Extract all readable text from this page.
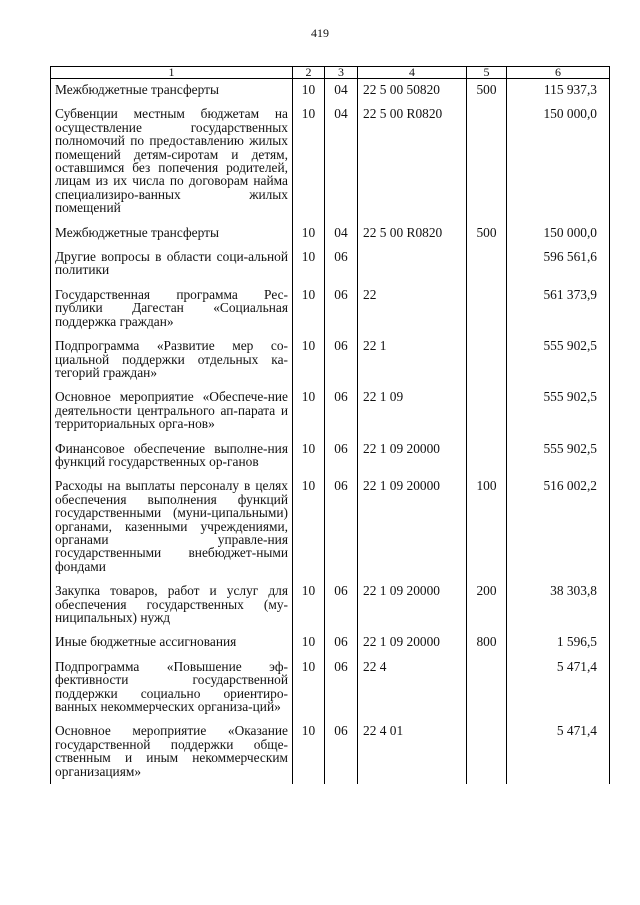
419
1	2	3	4	5	6
Межбюджетные трансферты	10	04	22 5 00 50820	500	115 937,3
Субвенции местным бюджетам на осуществление государственных полномочий по предоставлению жилых помещений детям-сиротам и детям, оставшимся без попечения родителей, лицам из их числа по договорам найма специализиро-ванных жилых помещений	10	04	22 5 00 R0820		150 000,0
Межбюджетные трансферты	10	04	22 5 00 R0820	500	150 000,0
Другие вопросы в области соци-альной политики	10	06			596 561,6
Государственная программа Рес-публики Дагестан «Социальная поддержка граждан»	10	06	22		561 373,9
Подпрограмма «Развитие мер со-циальной поддержки отдельных ка-тегорий граждан»	10	06	22 1		555 902,5
Основное мероприятие «Обеспече-ние деятельности центрального ап-парата и территориальных орга-нов»	10	06	22 1 09		555 902,5
Финансовое обеспечение выполне-ния функций государственных ор-ганов	10	06	22 1 09 20000		555 902,5
Расходы на выплаты персоналу в целях обеспечения выполнения функций государственными (муни-ципальными) органами, казенными учреждениями, органами управле-ния государственными внебюджет-ными фондами	10	06	22 1 09 20000	100	516 002,2
Закупка товаров, работ и услуг для обеспечения государственных (му-ниципальных) нужд	10	06	22 1 09 20000	200	38 303,8
Иные бюджетные ассигнования	10	06	22 1 09 20000	800	1 596,5
Подпрограмма «Повышение эф-фективности государственной поддержки социально ориентиро-ванных некоммерческих организа-ций»	10	06	22 4		5 471,4
Основное мероприятие «Оказание государственной поддержки обще-ственным и иным некоммерческим организациям»	10	06	22 4 01		5 471,4
